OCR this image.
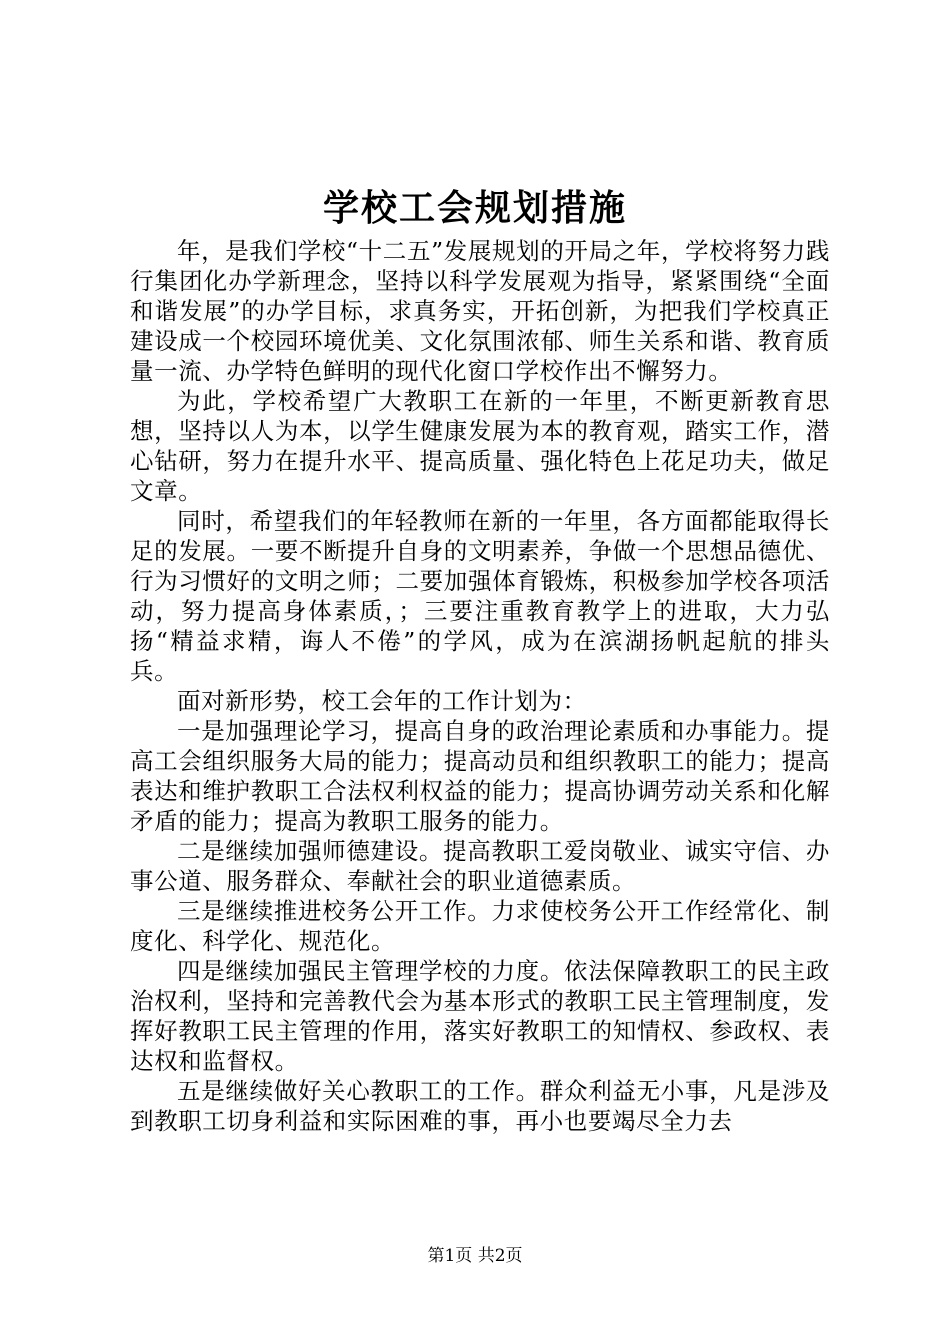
学校工会规划措施

年，是我们学校“十二五”发展规划的开局之年，学校将努力践行集团化办学新理念，坚持以科学发展观为指导，紧紧围绕“全面和谐发展”的办学目标，求真务实，开拓创新，为把我们学校真正建设成一个校园环境优美、文化氛围浓郁、师生关系和谐、教育质量一流、办学特色鲜明的现代化窗口学校作出不懈努力。

为此，学校希望广大教职工在新的一年里，不断更新教育思想，坚持以人为本，以学生健康发展为本的教育观，踏实工作，潜心钻研，努力在提升水平、提高质量、强化特色上花足功夫，做足文章。

同时，希望我们的年轻教师在新的一年里，各方面都能取得长足的发展。一要不断提升自身的文明素养，争做一个思想品德优、行为习惯好的文明之师；二要加强体育锻炼，积极参加学校各项活动，努力提高身体素质，；三要注重教育教学上的进取，大力弘扬“精益求精，诲人不倦”的学风，成为在滨湖扬帆起航的排头兵。

面对新形势，校工会年的工作计划为：

一是加强理论学习，提高自身的政治理论素质和办事能力。提高工会组织服务大局的能力；提高动员和组织教职工的能力；提高表达和维护教职工合法权利权益的能力；提高协调劳动关系和化解矛盾的能力；提高为教职工服务的能力。

二是继续加强师德建设。提高教职工爱岗敬业、诚实守信、办事公道、服务群众、奉献社会的职业道德素质。

三是继续推进校务公开工作。力求使校务公开工作经常化、制度化、科学化、规范化。

四是继续加强民主管理学校的力度。依法保障教职工的民主政治权利，坚持和完善教代会为基本形式的教职工民主管理制度，发挥好教职工民主管理的作用，落实好教职工的知情权、参政权、表达权和监督权。

五是继续做好关心教职工的工作。群众利益无小事，凡是涉及到教职工切身利益和实际困难的事，再小也要竭尽全力去

第1页 共2页
